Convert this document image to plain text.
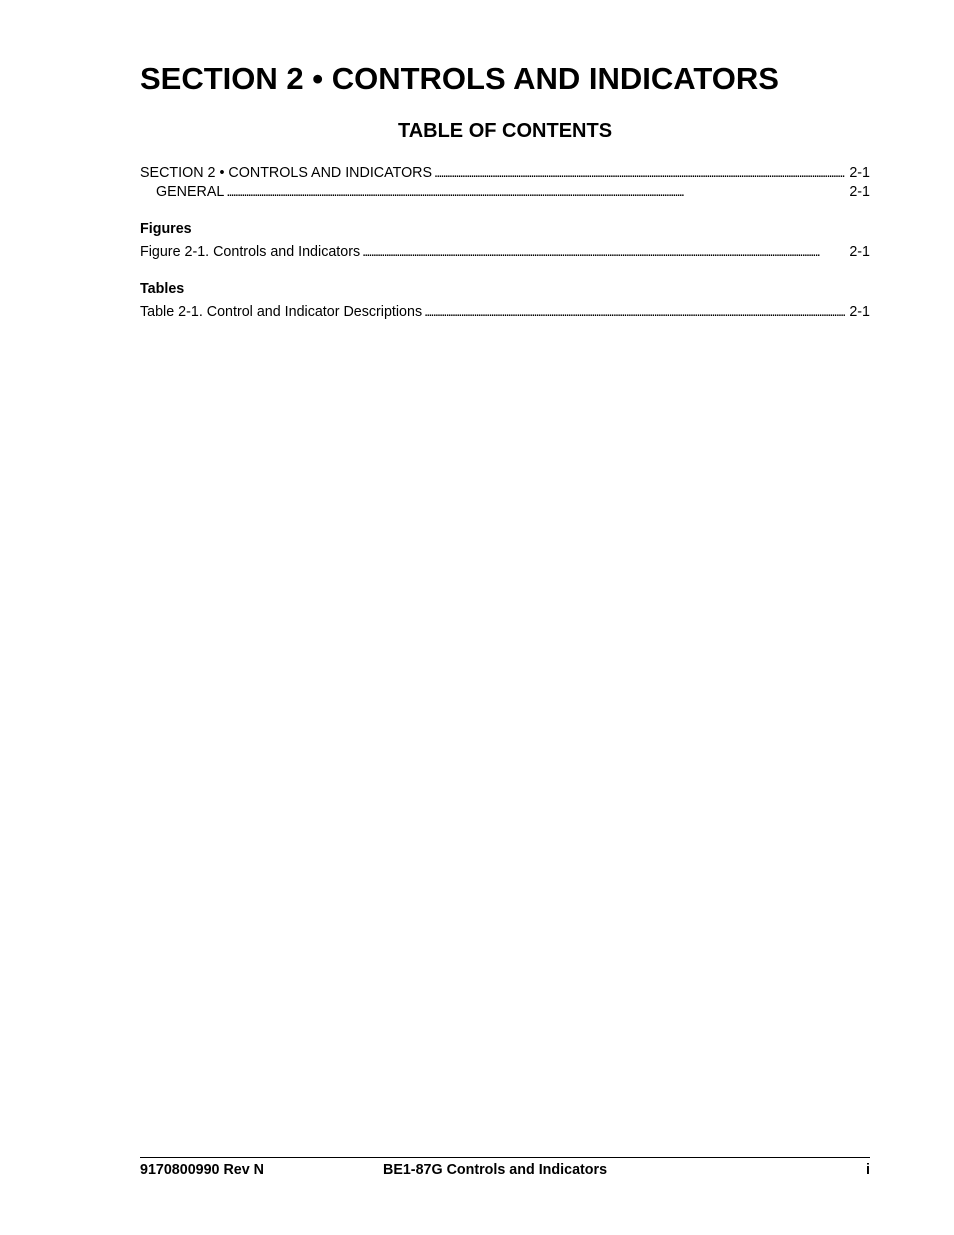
SECTION 2 • CONTROLS AND INDICATORS
TABLE OF CONTENTS
SECTION 2 • CONTROLS AND INDICATORS . . .	2-1
GENERAL . . .	2-1
Figures
Figure 2-1. Controls and Indicators . . .	2-1
Tables
Table 2-1. Control and Indicator Descriptions . . .	2-1
9170800990 Rev N	BE1-87G Controls and Indicators	i
